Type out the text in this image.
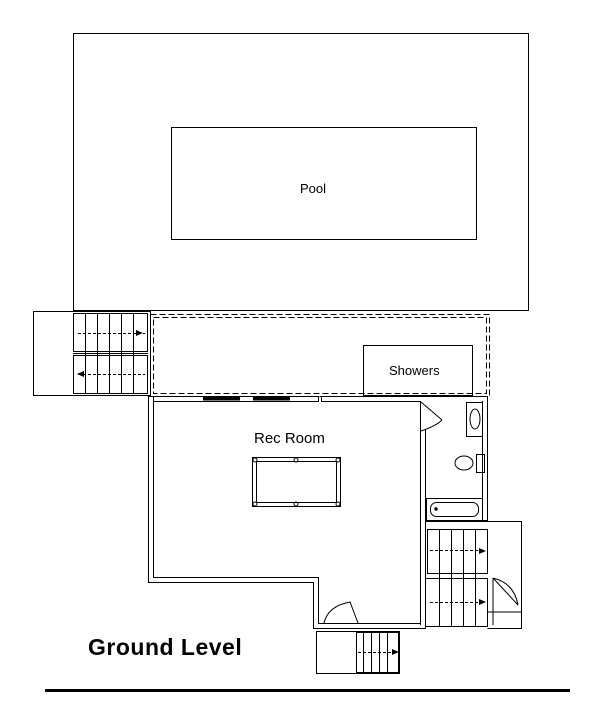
Pool
Showers
Rec Room
Ground Level
